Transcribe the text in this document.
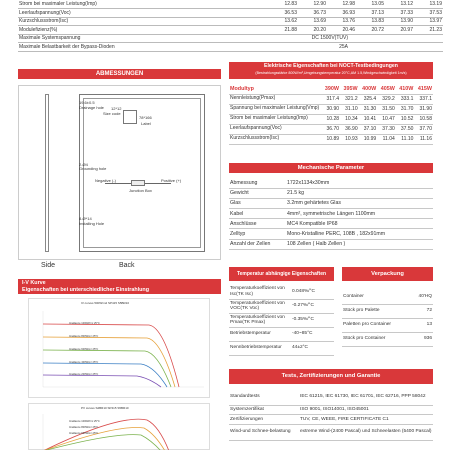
Strom bei maximaler Leistung(Imp)	12.83	12.90	12.98	13.05	13.12	13.19
Leerlaufspannung(Voc)	36.53	36.73	36.93	37.13	37.33	37.53
Kurzschlussstrom(Isc)	13.62	13.69	13.76	13.83	13.90	13.97
Modulefizienz(%)	21.88	20.20	20.46	20.72	20.97	21.23
Maximale Systemspannung	DC 1500V(TUV)					
Maximale Belastbarkeit der Bypass-Dioden	25A					
ABMESSUNGEN
19.6±0.5
Drainage hole
Size code
12*12
78*166
Label
2-Ø4
Grounding hole
Negative (-)
Junction Box
Positive (+)
8-Ø*14
Installing Hole
Side	Back
I-V Kurve
Eigenschaften bei unterschiedlicher Einstrahlung
IV curves 500W/m2 SP415 S5BR10
Irradiance 1000W/m² 25°C
Irradiance 800W/m² 25°C
Irradiance 600W/m² 25°C
Irradiance 400W/m² 25°C
Irradiance 200W/m² 25°C
PV curves S2BR10 SP415 S5BR10
Irradiance 1000W/m² 25°C
Irradiance 800W/m² 25°C
Irradiance 600W/m² 25°C
Elektrische Eigenschaften bei NOCT-Testbedingungen
(Bestrahlungsstärke 800W/m²,Umgebungstemperatur 20°C,AM 1.5,Windgeschwindigkeit 1m/s)
Modultyp	390W	395W	400W	405W	410W	415W
Nennleistung(Pmax)	317.4	321.2	325.4	329.2	333.1	337.1
Spannung bei maximaler Leistung(Vmp)	30.90	31.10	31.30	31.50	31.70	31.90
Strom bei maximaler Leistung(Imp)	10.28	10.34	10.41	10.47	10.52	10.58
Leerlaufspannung(Voc)	36.70	36.90	37.10	37.30	37.50	37.70
Kurzschlussstrom(Isc)	10.89	10.93	10.99	11.04	11.10	11.16
Mechanische Parameter
Abmessung	1722x1134x30mm
Gewicht	21.5 kg
Glas	3.2mm gehärtetes Glas
Kabel	4mm², symmetrische Längen 1100mm
Anschlüsse	MC4 Kompatible IP68
Zelltyp	Mono-Kristalline PERC, 108B , 182x91mm
Anzahl der Zellen	108 Zellen ( Halb Zellen )
Temperatur abhängige Eigenschaften
Temperaturkoeffizient von Isc(TK Isc)	0.048%/°C
Temperaturkoeffizient von VOC(TK Voc)	-0.27%/°C
Temperaturkoeffizient von Pmax(TK Pmax)	-0.35%/°C
Betriebstemperatur	-40~85°C
Nennbetriebstemperatur	44±2°C
Verpackung
Container	40'HQ
Stück pro Palette	72
Paletten pro Container	13
Stück pro Container	936
Tests, Zertifizierungen und Garantie
Standardtests	IEC 61215, IEC 61730, IEC 61701, IEC 62716, PPP 58042
Systemzertifikat	ISO 9001, ISO14001, ISO45001
Zertifizierungen	TUV, CE, WEEE, FIRE CERTIFICATE C1
Wind-und Schnee-belastung	extreme Wind-(2400 Pascal) und Schneelasten (5400 Pascal)
